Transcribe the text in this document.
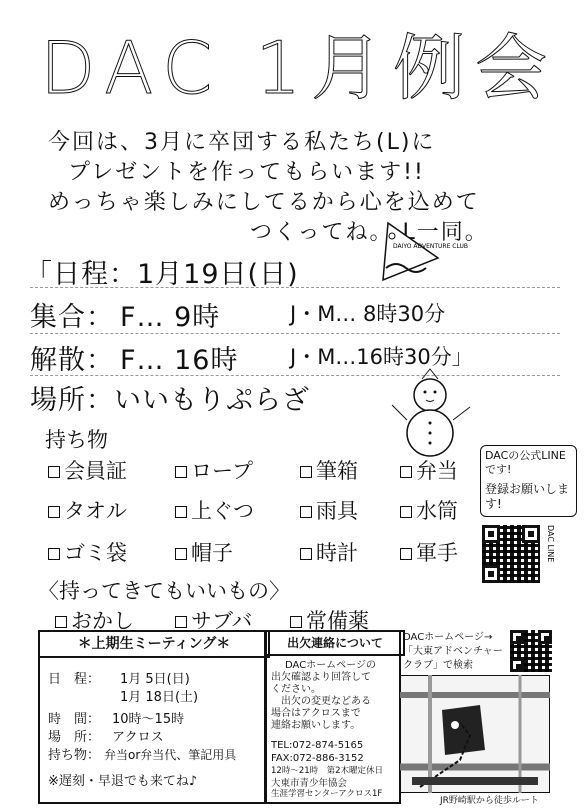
DAC 1月例会
今回は、3月に卒団する私たち(L)に
プレゼントを作ってもらいます!!
めっちゃ楽しみにしてるから心を込めて
つくってね。 L一同。
「日程：1月19日(日)
集合： F… 9時	J・M… 8時30分
解散： F… 16時 J・M…16時30分」
場所：いいもりぷらざ
DAIYO ADVENTURE CLUB
持ち物
会員証	ロープ	筆箱	弁当
タオル	上ぐつ	雨具	水筒
ゴミ袋	帽子	時計	軍手
DACの公式LINEです!
登録お願いします!
DAC LINE
〈持ってきてもいいもの〉
おかし	サブバ	常備薬
＊上期生ミーティング＊
日　程： 1月 5日(日)
1月 18日(土)
時　間： 10時〜15時
場　所： アクロス
持ち物： 弁当or弁当代、筆記用具
※遅刻・早退でも来てね♪
出欠連絡について
DACホームページの
出欠確認より回答して
ください。
　出欠の変更などある
場合はアクロスまで
連絡お願いします。
TEL:072-874-5165
FAX:072-886-3152
12時〜21時　第2木曜定休日
大東市青少年協会
生涯学習センターアクロス1F
DACホームページ→
「大東アドベンチャー
クラブ」で検索
JR野崎駅から徒歩ルート
